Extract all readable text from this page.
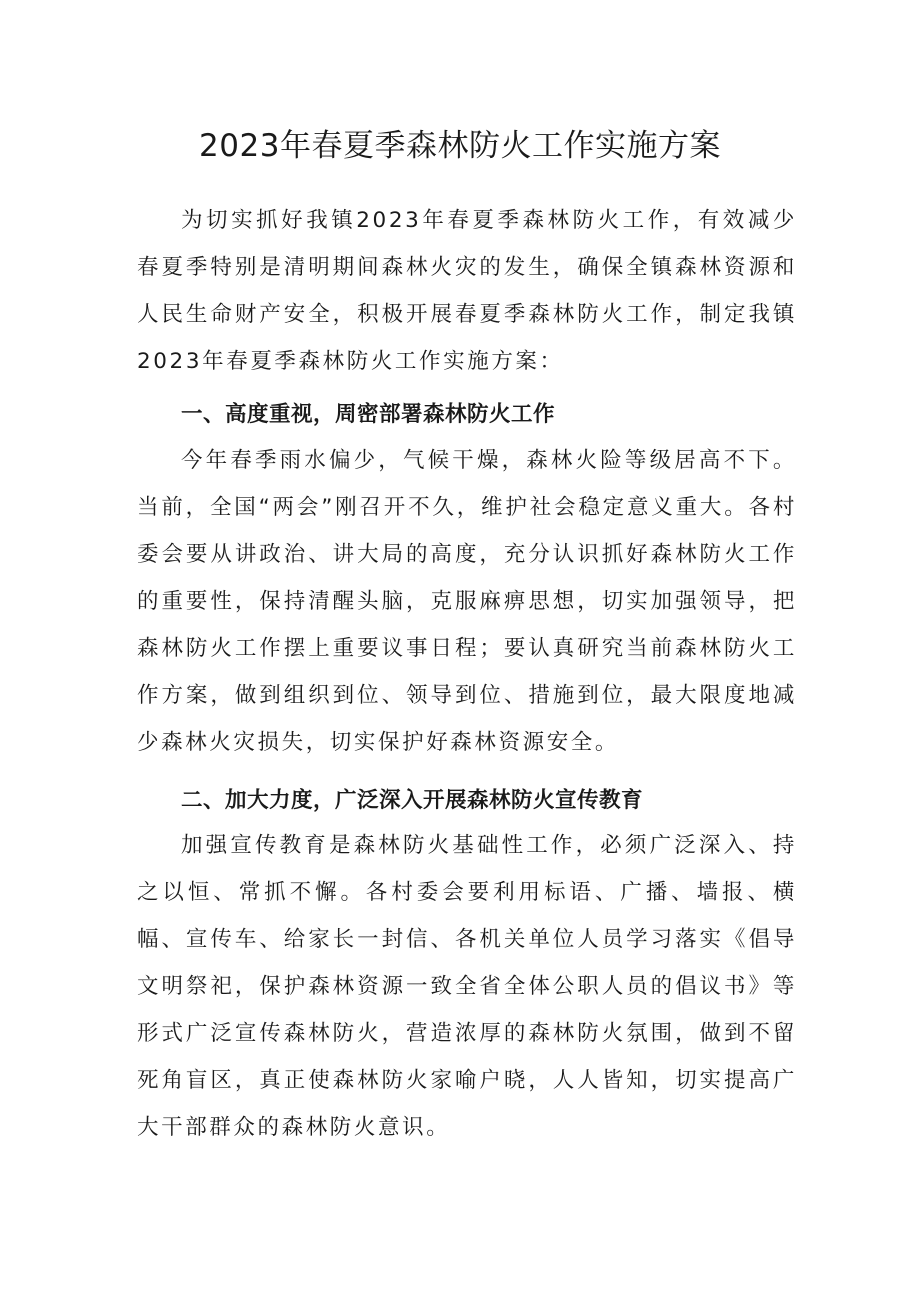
2023年春夏季森林防火工作实施方案

为切实抓好我镇2023年春夏季森林防火工作，有效减少春夏季特别是清明期间森林火灾的发生，确保全镇森林资源和人民生命财产安全，积极开展春夏季森林防火工作，制定我镇2023年春夏季森林防火工作实施方案：

一、高度重视，周密部署森林防火工作

今年春季雨水偏少，气候干燥，森林火险等级居高不下。当前，全国“两会”刚召开不久，维护社会稳定意义重大。各村委会要从讲政治、讲大局的高度，充分认识抓好森林防火工作的重要性，保持清醒头脑，克服麻痹思想，切实加强领导，把森林防火工作摆上重要议事日程；要认真研究当前森林防火工作方案，做到组织到位、领导到位、措施到位，最大限度地减少森林火灾损失，切实保护好森林资源安全。

二、加大力度，广泛深入开展森林防火宣传教育

加强宣传教育是森林防火基础性工作，必须广泛深入、持之以恒、常抓不懈。各村委会要利用标语、广播、墙报、横幅、宣传车、给家长一封信、各机关单位人员学习落实《倡导文明祭祀，保护森林资源一致全省全体公职人员的倡议书》等形式广泛宣传森林防火，营造浓厚的森林防火氛围，做到不留死角盲区，真正使森林防火家喻户晓，人人皆知，切实提高广大干部群众的森林防火意识。
